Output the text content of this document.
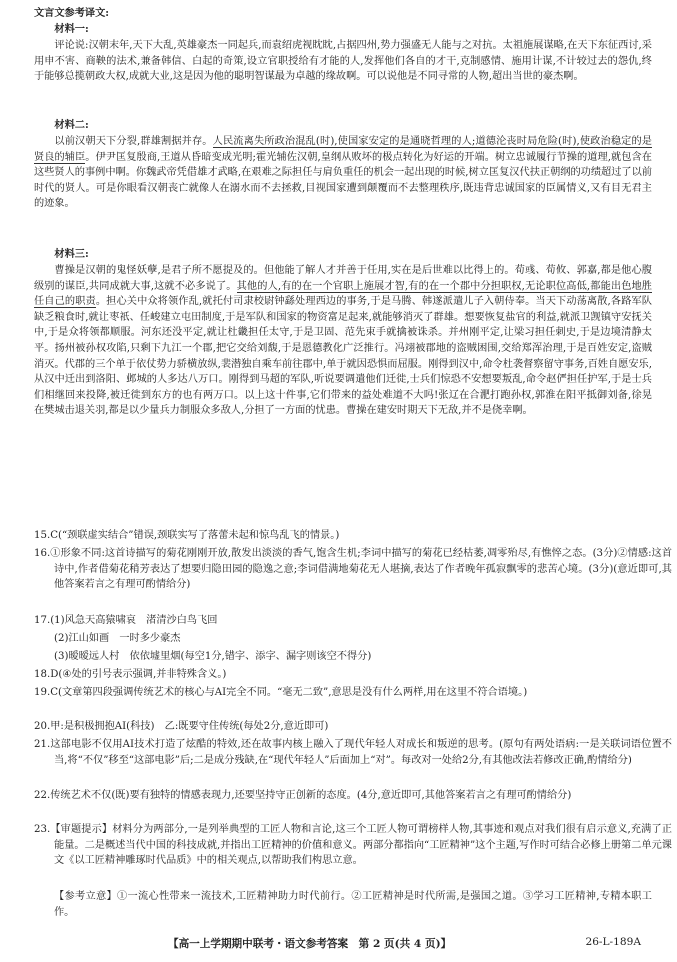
文言文参考译文:
材料一:
评论说:汉朝末年,天下大乱,英雄豪杰一同起兵,而袁绍虎视眈眈,占据四州,势力强盛无人能与之对抗。太祖施展谋略,在天下东征西讨,采用申不害、商鞅的法术,兼备韩信、白起的奇策,设立官职授给有才能的人,发挥他们各自的才干,克制感情、施用计谋,不计较过去的怨仇,终于能够总揽朝政大权,成就大业,这是因为他的聪明智谋最为卓越的缘故啊。可以说他是不同寻常的人物,超出当世的豪杰啊。
材料二:
以前汉朝天下分裂,群雄割据并存。人民流离失所政治混乱(时),使国家安定的是通晓哲理的人;道德沦丧时局危险(时),使政治稳定的是贤良的辅臣。伊尹匡复殷商,王道从昏暗变成光明;霍光辅佐汉朝,皇纲从败坏的极点转化为好运的开端。树立忠诚履行节操的道理,就包含在这些贤人的事例中啊。你魏武帝凭借雄才武略,在艰难之际担任与肩负重任的机会一起出现的时候,树立匡复汉代扶正朝纲的功绩超过了以前时代的贤人。可是你眼看汉朝丧亡就像人在溺水而不去拯救,目视国家遭到颠覆而不去整理秩序,既违背忠诚国家的臣属情义,又有目无君主的迹象。
材料三:
曹操是汉朝的鬼怪妖孽,是君子所不愿提及的。但他能了解人才并善于任用,实在是后世难以比得上的。荀彧、荀攸、郭嘉,都是他心腹级别的谋臣,共同成就大事,这就不必多说了。其他的人,有的在一个官职上施展才智,有的在一个郡中分担职权,无论职位高低,都能出色地胜任自己的职责。担心关中众将领作乱,就托付司隶校尉钟繇处理西边的事务,于是马腾、韩遂派遣儿子入朝侍奉。当天下动荡离散,各路军队缺乏粮食时,就让枣祇、任峻建立屯田制度,于是军队和国家的物资富足起来,就能够消灭了群雄。想要恢复盐官的利益,就派卫觊镇守安抚关中,于是众将领都顺服。河东还没平定,就让杜畿担任太守,于是卫固、范先束手就擒被诛杀。并州刚平定,让梁习担任刺史,于是边境清静太平。扬州被孙权攻陷,只剩下九江一个郡,把它交给刘馥,于是恩德教化广泛推行。冯翊被郡地的盗贼困围,交给郑浑治理,于是百姓安定,盗贼消灭。代郡的三个单于依仗势力骄横放纵,裴潜独自乘车前往郡中,单于就因恐惧而屈服。刚得到汉中,命令杜袭督察留守事务,百姓自愿安乐,从汉中迁出到洛阳、邺城的人多达八万口。刚得到马超的军队,听说要调遣他们迁徙,士兵们惊恐不安想要叛乱,命令赵俨担任护军,于是士兵们相继回来投降,被迁徙到东方的也有两万口。以上这十件事,它们带来的益处难道不大吗!张辽在合淝打跑孙权,郭淮在阳平抵御刘备,徐晃在樊城击退关羽,都是以少量兵力制服众多敌人,分担了一方面的忧患。曹操在建安时期天下无敌,并不是侥幸啊。
15.C(“颈联虚实结合”错误,颈联实写了落蕾未起和惊鸟乱飞的情景。)
16.①形象不同:这首诗描写的菊花刚刚开放,散发出淡淡的香气,饱含生机;李词中描写的菊花已经枯萎,凋零殆尽,有憔悴之态。(3分)②情感:这首诗中,作者借菊花稍芳表达了想要归隐田园的隐逸之意;李词借满地菊花无人堪摘,表达了作者晚年孤寂飘零的悲苦心境。(3分)(意近即可,其他答案若言之有理可酌情给分)
17.(1)风急天高猿啸哀　渚清沙白鸟飞回
(2)江山如画　一时多少豪杰
(3)暧暧远人村　依依墟里烟(每空1分,错字、添字、漏字则该空不得分)
18.D(④处的引号表示强调,并非特殊含义。)
19.C(文章第四段强调传统艺术的核心与AI完全不同。“毫无二致”,意思是没有什么两样,用在这里不符合语境。)
20.甲:是积极拥抱AI(科技)　乙:既要守住传统(每处2分,意近即可)
21.这部电影不仅用AI技术打造了炫酷的特效,还在故事内核上融入了现代年轻人对成长和叛逆的思考。(原句有两处语病:一是关联词语位置不当,将“不仅”移至“这部电影”后;二是成分残缺,在“现代年轻人”后面加上“对”。每改对一处给2分,有其他改法若修改正确,酌情给分)
22.传统艺术不仅(既)要有独特的情感表现力,还要坚持守正创新的态度。(4分,意近即可,其他答案若言之有理可酌情给分)
23.【审题提示】材料分为两部分,一是列举典型的工匠人物和言论,这三个工匠人物可谓榜样人物,其事迹和观点对我们很有启示意义,充满了正能量。二是概述当代中国的科技成就,并指出工匠精神的价值和意义。两部分都指向“工匠精神”这个主题,写作时可结合必修上册第二单元课文《以工匠精神雕琢时代品质》中的相关观点,以帮助我们构思立意。
【参考立意】①一流心性带来一流技术,工匠精神助力时代前行。②工匠精神是时代所需,是强国之道。③学习工匠精神,专精本职工作。
【高一上学期期中联考・语文参考答案　第 2 页(共 4 页)】	26-L-189A
